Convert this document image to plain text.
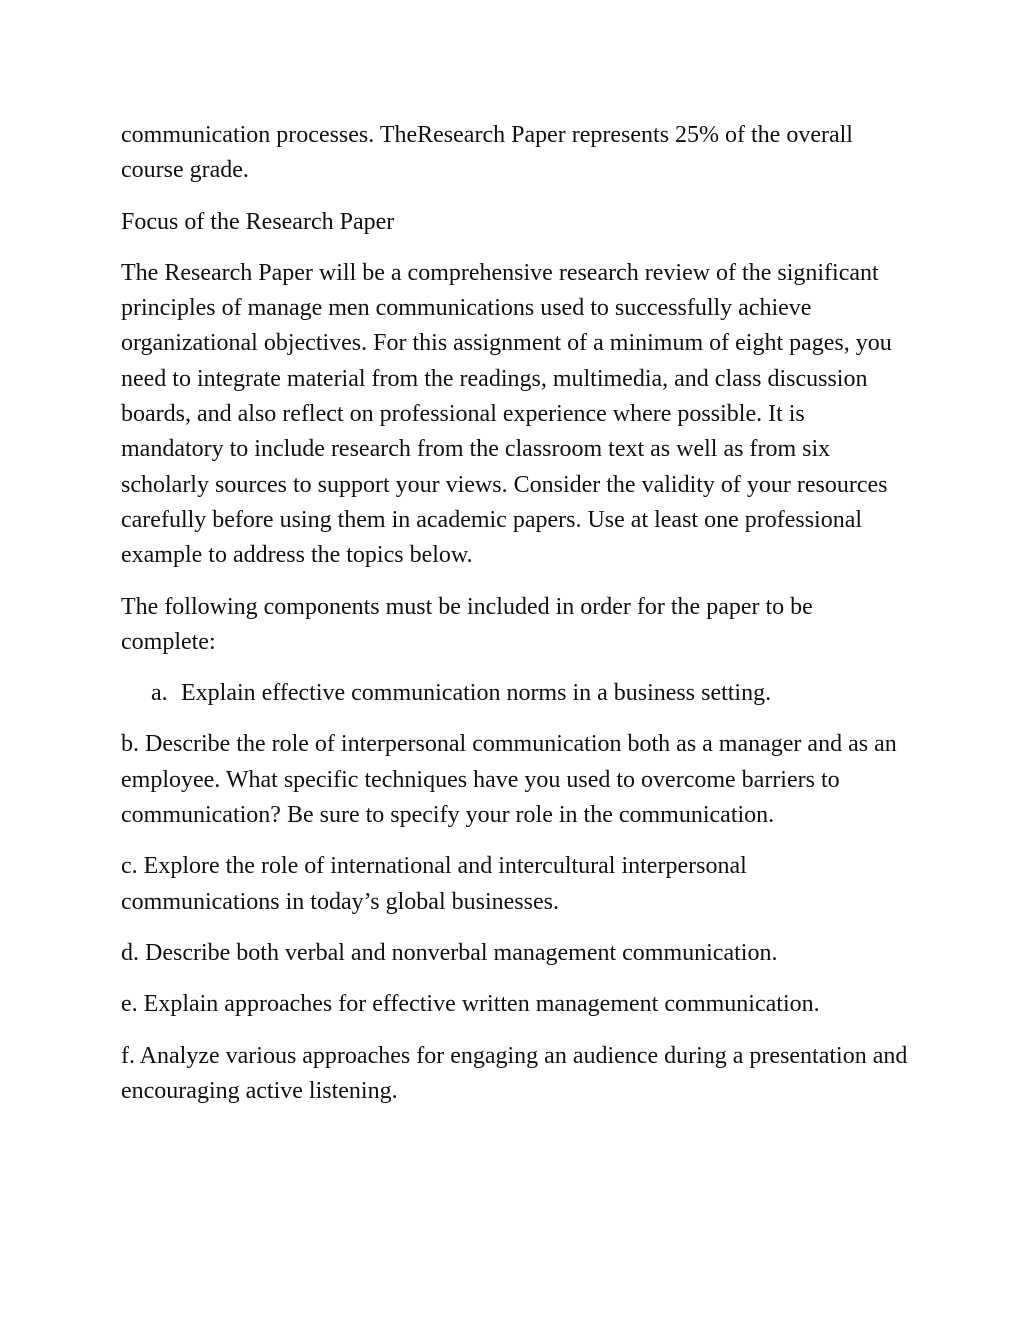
communication processes. TheResearch Paper represents 25% of the overall course grade.

Focus of the Research Paper

The Research Paper will be a comprehensive research review of the significant principles of manage men communications used to successfully achieve organizational objectives. For this assignment of a minimum of eight pages, you need to integrate material from the readings, multimedia, and class discussion boards, and also reflect on professional experience where possible. It is mandatory to include research from the classroom text as well as from six scholarly sources to support your views. Consider the validity of your resources carefully before using them in academic papers. Use at least one professional example to address the topics below.

The following components must be included in order for the paper to be complete:

a. Explain effective communication norms in a business setting.

b. Describe the role of interpersonal communication both as a manager and as an employee. What specific techniques have you used to overcome barriers to communication? Be sure to specify your role in the communication.

c. Explore the role of international and intercultural interpersonal communications in today’s global businesses.

d. Describe both verbal and nonverbal management communication.

e. Explain approaches for effective written management communication.

f. Analyze various approaches for engaging an audience during a presentation and encouraging active listening.
